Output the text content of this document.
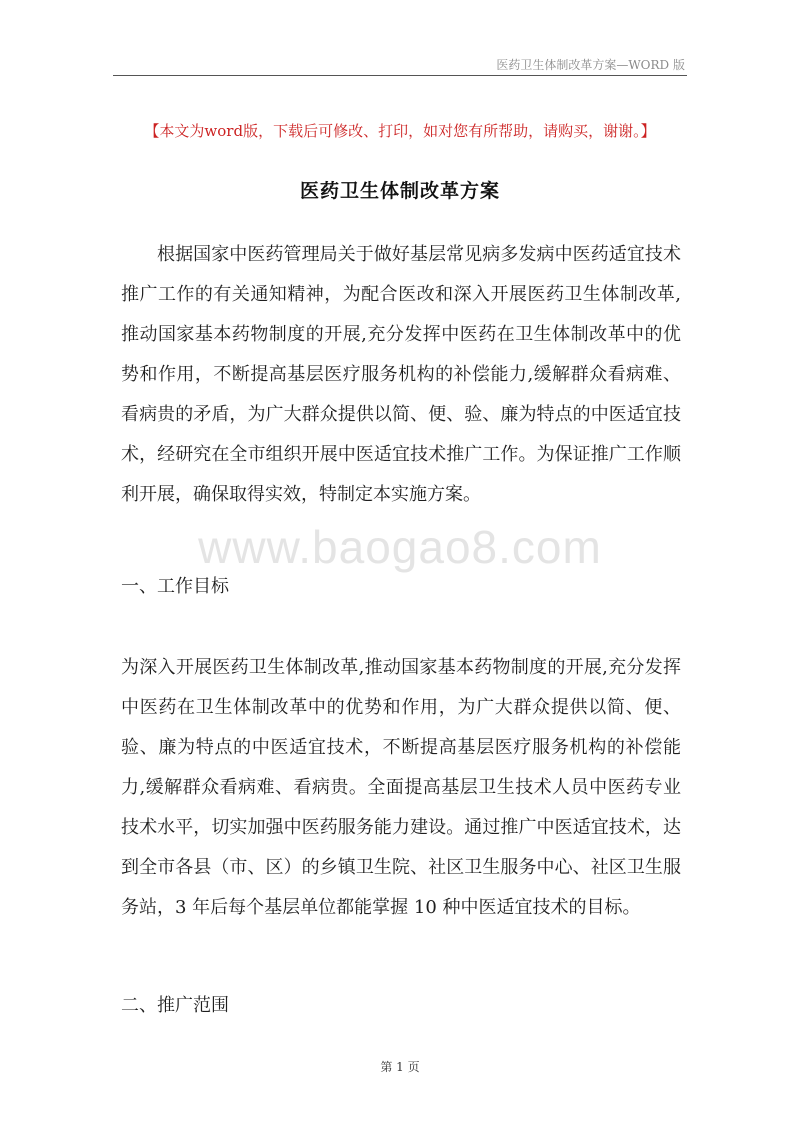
医药卫生体制改革方案—WORD 版
【本文为word版，下载后可修改、打印，如对您有所帮助，请购买，谢谢。】
医药卫生体制改革方案

根据国家中医药管理局关于做好基层常见病多发病中医药适宜技术推广工作的有关通知精神，为配合医改和深入开展医药卫生体制改革,推动国家基本药物制度的开展,充分发挥中医药在卫生体制改革中的优势和作用，不断提高基层医疗服务机构的补偿能力,缓解群众看病难、看病贵的矛盾，为广大群众提供以简、便、验、廉为特点的中医适宜技术，经研究在全市组织开展中医适宜技术推广工作。为保证推广工作顺利开展，确保取得实效，特制定本实施方案。

www.baogao8.com

一、工作目标

为深入开展医药卫生体制改革,推动国家基本药物制度的开展,充分发挥中医药在卫生体制改革中的优势和作用，为广大群众提供以简、便、验、廉为特点的中医适宜技术，不断提高基层医疗服务机构的补偿能力,缓解群众看病难、看病贵。全面提高基层卫生技术人员中医药专业技术水平，切实加强中医药服务能力建设。通过推广中医适宜技术，达到全市各县（市、区）的乡镇卫生院、社区卫生服务中心、社区卫生服务站，3 年后每个基层单位都能掌握 10 种中医适宜技术的目标。

二、推广范围

第 1 页
